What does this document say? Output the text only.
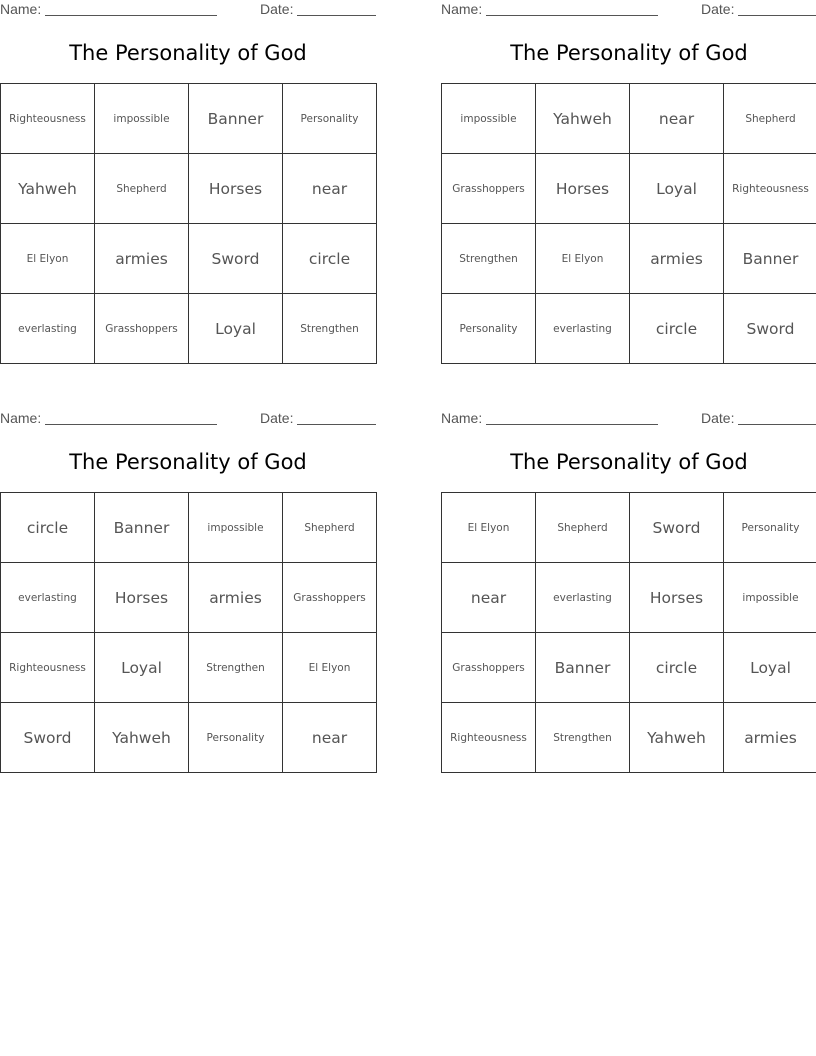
Name:	Date:
The Personality of God
Righteousness	impossible	Banner	Personality
Yahweh	Shepherd	Horses	near
El Elyon	armies	Sword	circle
everlasting	Grasshoppers	Loyal	Strengthen
Name:	Date:
The Personality of God
impossible	Yahweh	near	Shepherd
Grasshoppers	Horses	Loyal	Righteousness
Strengthen	El Elyon	armies	Banner
Personality	everlasting	circle	Sword
Name:	Date:
The Personality of God
circle	Banner	impossible	Shepherd
everlasting	Horses	armies	Grasshoppers
Righteousness	Loyal	Strengthen	El Elyon
Sword	Yahweh	Personality	near
Name:	Date:
The Personality of God
El Elyon	Shepherd	Sword	Personality
near	everlasting	Horses	impossible
Grasshoppers	Banner	circle	Loyal
Righteousness	Strengthen	Yahweh	armies
